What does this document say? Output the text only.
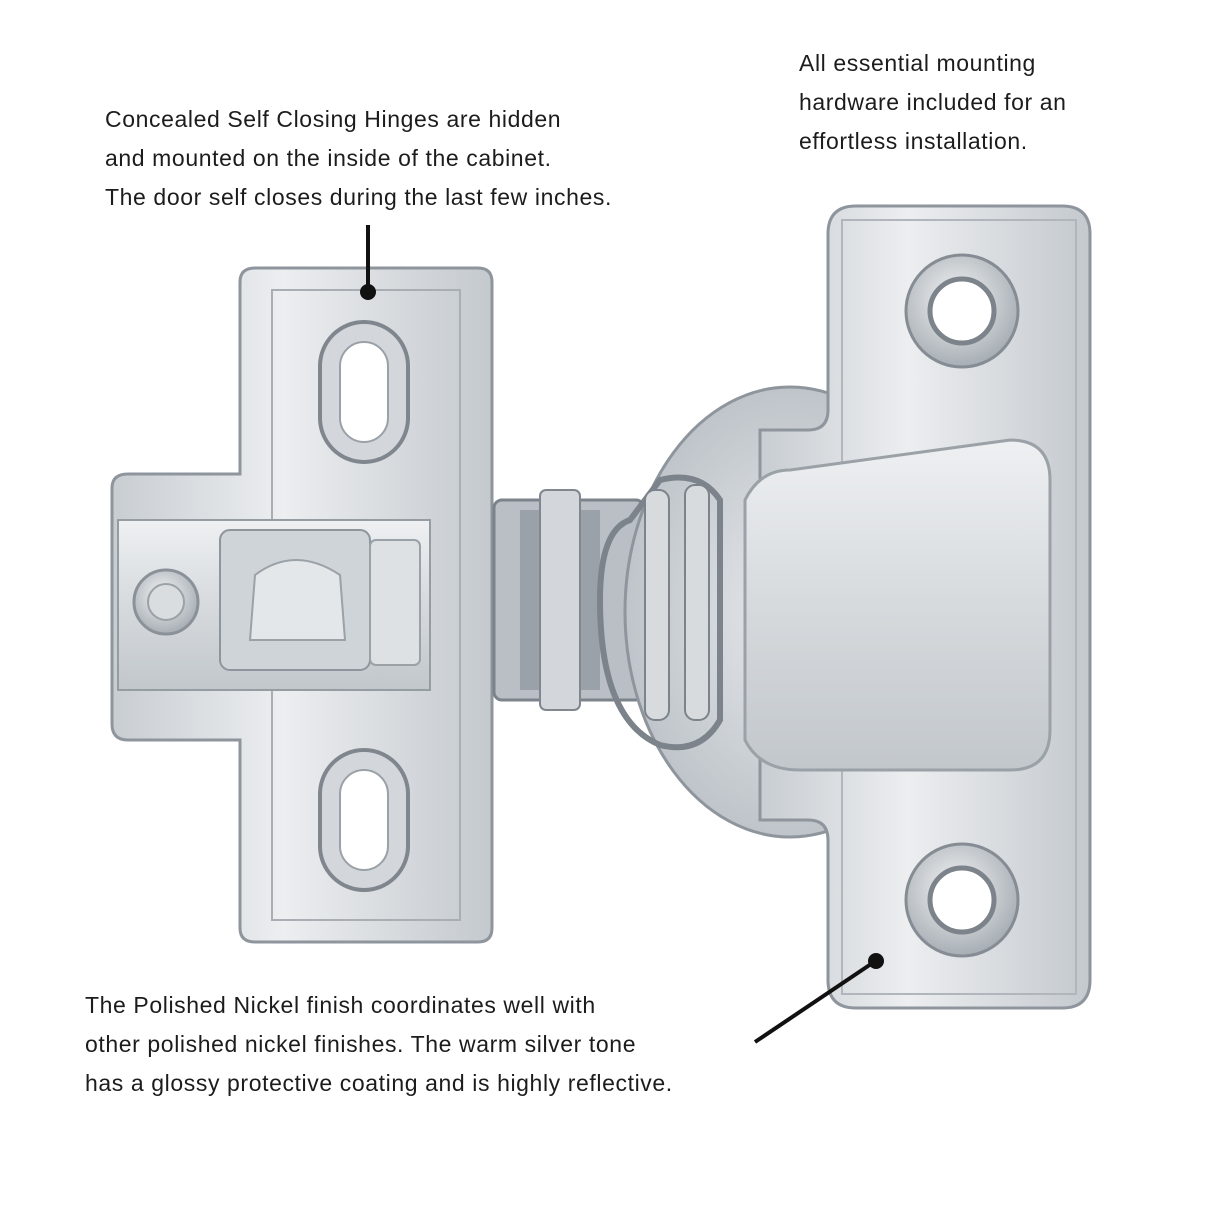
Concealed Self Closing Hinges are hidden
and mounted on the inside of the cabinet.
The door self closes during the last few inches.
All essential mounting
hardware included for an
effortless installation.
The Polished Nickel finish coordinates well with
other polished nickel finishes. The warm silver tone
has a glossy protective coating and is highly reflective.
